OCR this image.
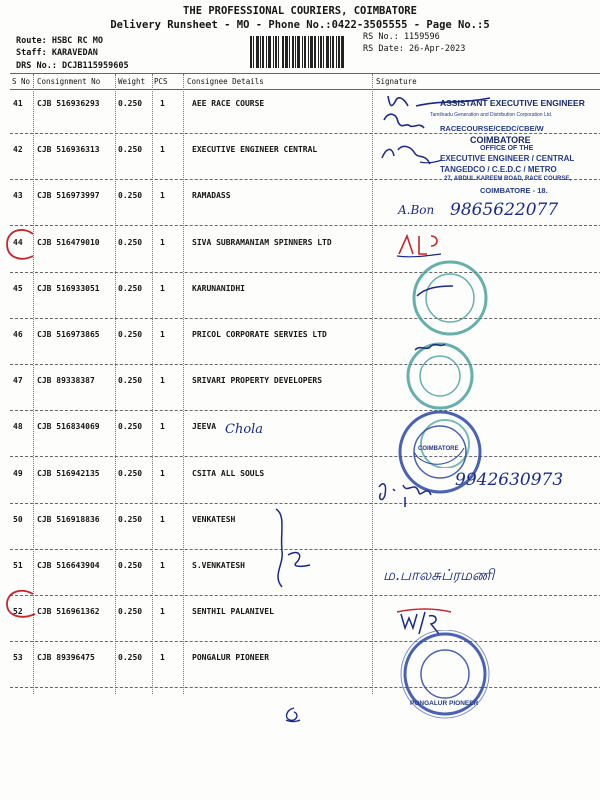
THE PROFESSIONAL COURIERS, COIMBATORE
Delivery Runsheet - MO - Phone No.:0422-3505555 - Page No.:5
Route: HSBC RC MO
Staff: KARAVEDAN
DRS No.: DCJB115959605
RS No.: 1159596
RS Date: 26-Apr-2023
S No Consignment No Weight PCS	Consignee Details	Signature
41 CJB 516936293 0.250 1	AEE RACE COURSE
42 CJB 516936313 0.250 1	EXECUTIVE ENGINEER CENTRAL
43 CJB 516973997 0.250 1	RAMADASS
44 CJB 516479010 0.250 1	SIVA SUBRAMANIAM SPINNERS LTD
45 CJB 516933051 0.250 1	KARUNANIDHI
46 CJB 516973865 0.250 1	PRICOL CORPORATE SERVIES LTD
47 CJB 89338387	0.250 1	SRIVARI PROPERTY DEVELOPERS
48 CJB 516834069 0.250 1	JEEVA
49 CJB 516942135 0.250 1	CSITA ALL SOULS
50 CJB 516918836 0.250 1	VENKATESH
51 CJB 516643904 0.250 1	S.VENKATESH
52 CJB 516961362 0.250 1	SENTHIL PALANIVEL
53 CJB 89396475	0.250 1	PONGALUR PIONEER
ASSISTANT EXECUTIVE ENGINEER
Tamilnadu Generation and Distribution Corporation Ltd.
RACECOURSE/CEDC/CBE/W
COIMBATORE
OFFICE OF THE
EXECUTIVE ENGINEER / CENTRAL
TANGEDCO / C.E.D.C / METRO
27, ABDUL KAREEM ROAD, RACE COURSE,
COIMBATORE - 18.
A.Bon 9865622077
Chola
COIMBATORE
9942630973
ம.பாலசுப்ரமணி
PONGALUR PIONEER
